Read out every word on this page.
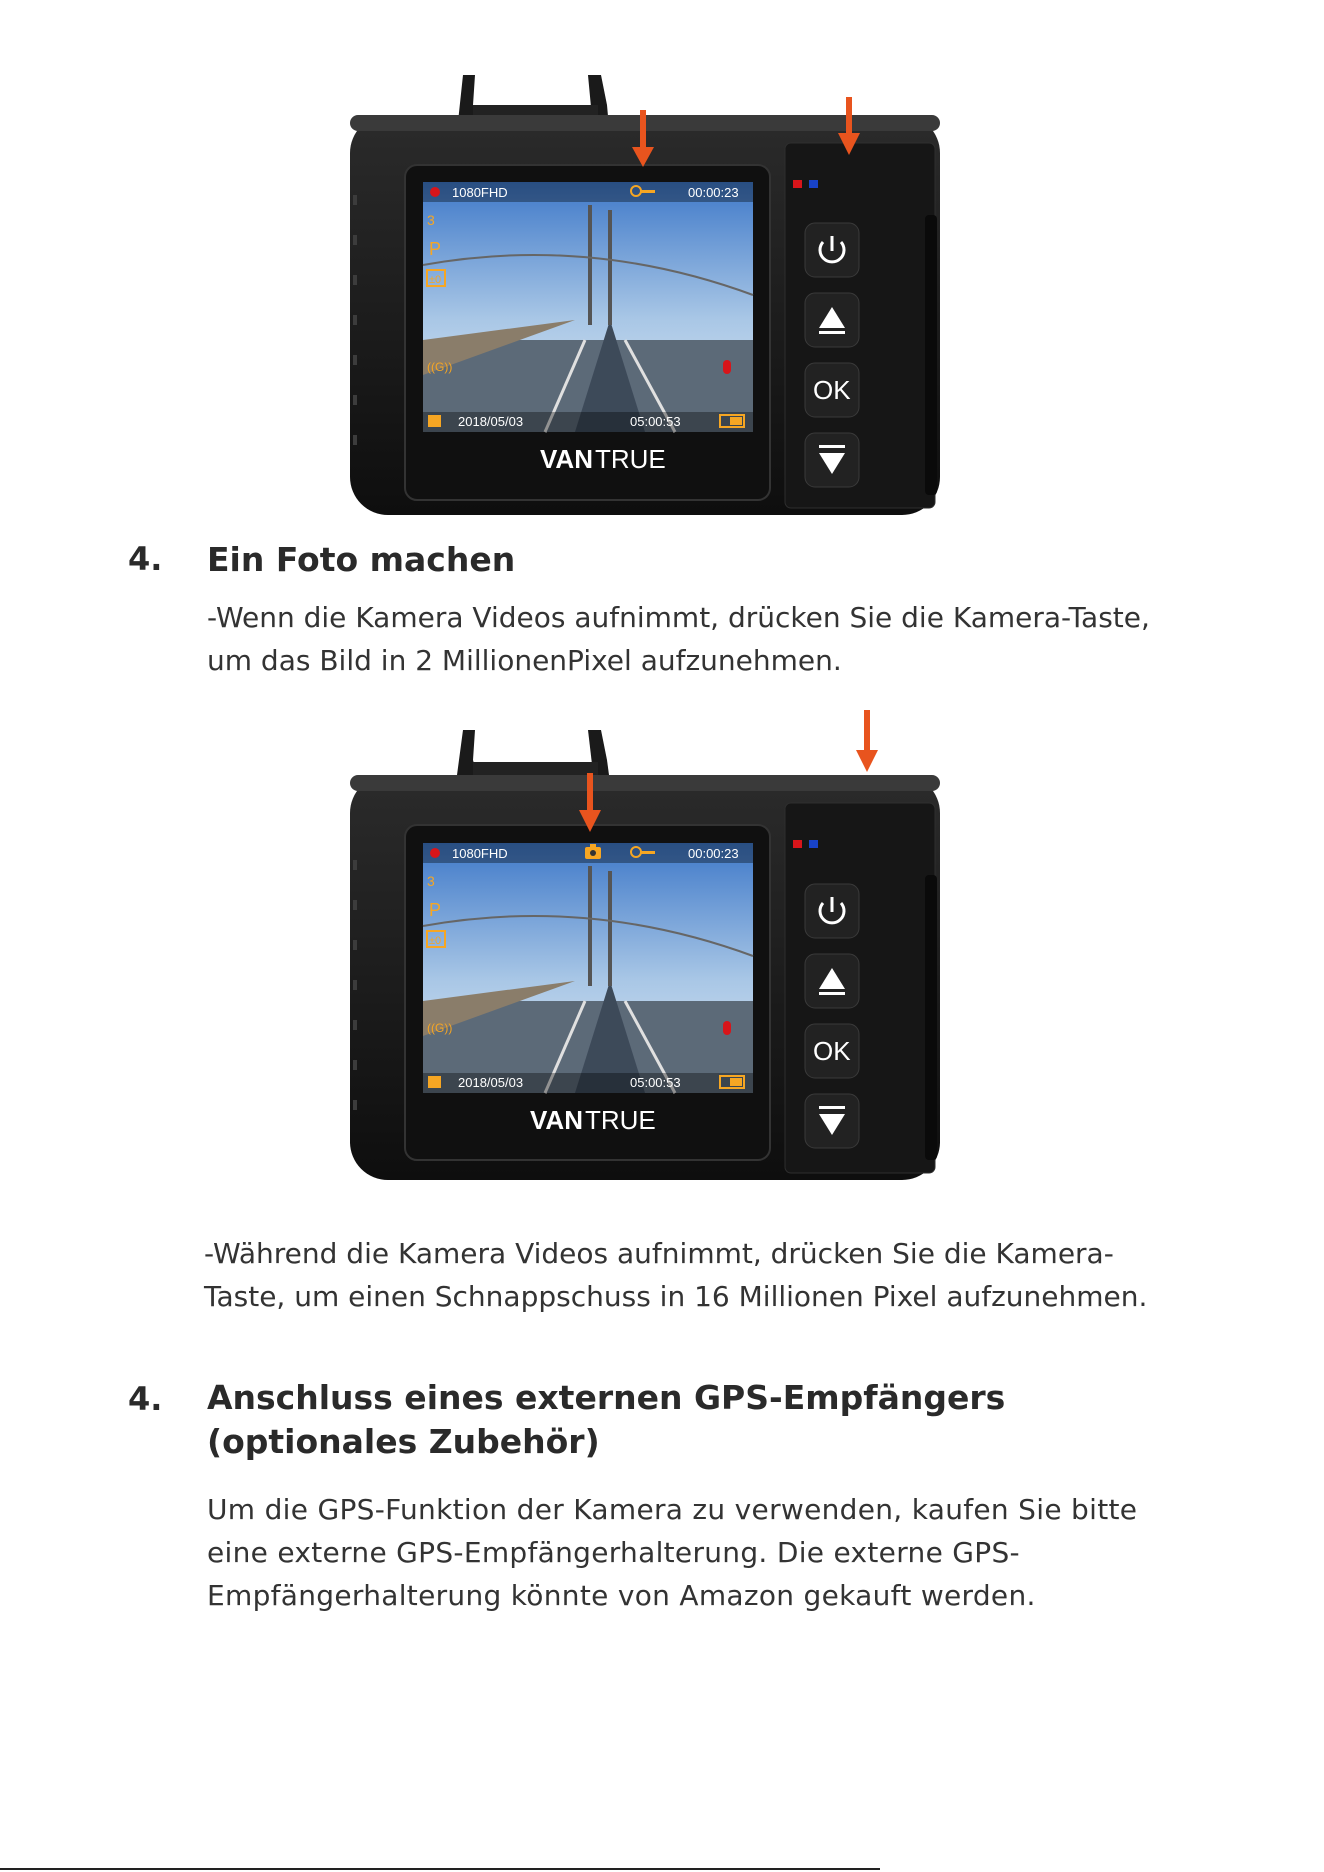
1080FHD	00:00:23
3
P
±0
((G))
2018/05/03	05:00:53
VAN TRUE
OK
4. Ein Foto machen
-Wenn die Kamera Videos aufnimmt, drücken Sie die Kamera-Taste, um das Bild in 2 MillionenPixel aufzunehmen.
1080FHD	00:00:23
3
P
±0
((G))
2018/05/03	05:00:53
VAN TRUE
OK
-Während die Kamera Videos aufnimmt, drücken Sie die Kamera-Taste, um einen Schnappschuss in 16 Millionen Pixel aufzunehmen.
4. Anschluss eines externen GPS-Empfängers (optionales Zubehör)
Um die GPS-Funktion der Kamera zu verwenden, kaufen Sie bitte eine externe GPS-Empfängerhalterung. Die externe GPS-Empfängerhalterung könnte von Amazon gekauft werden.
